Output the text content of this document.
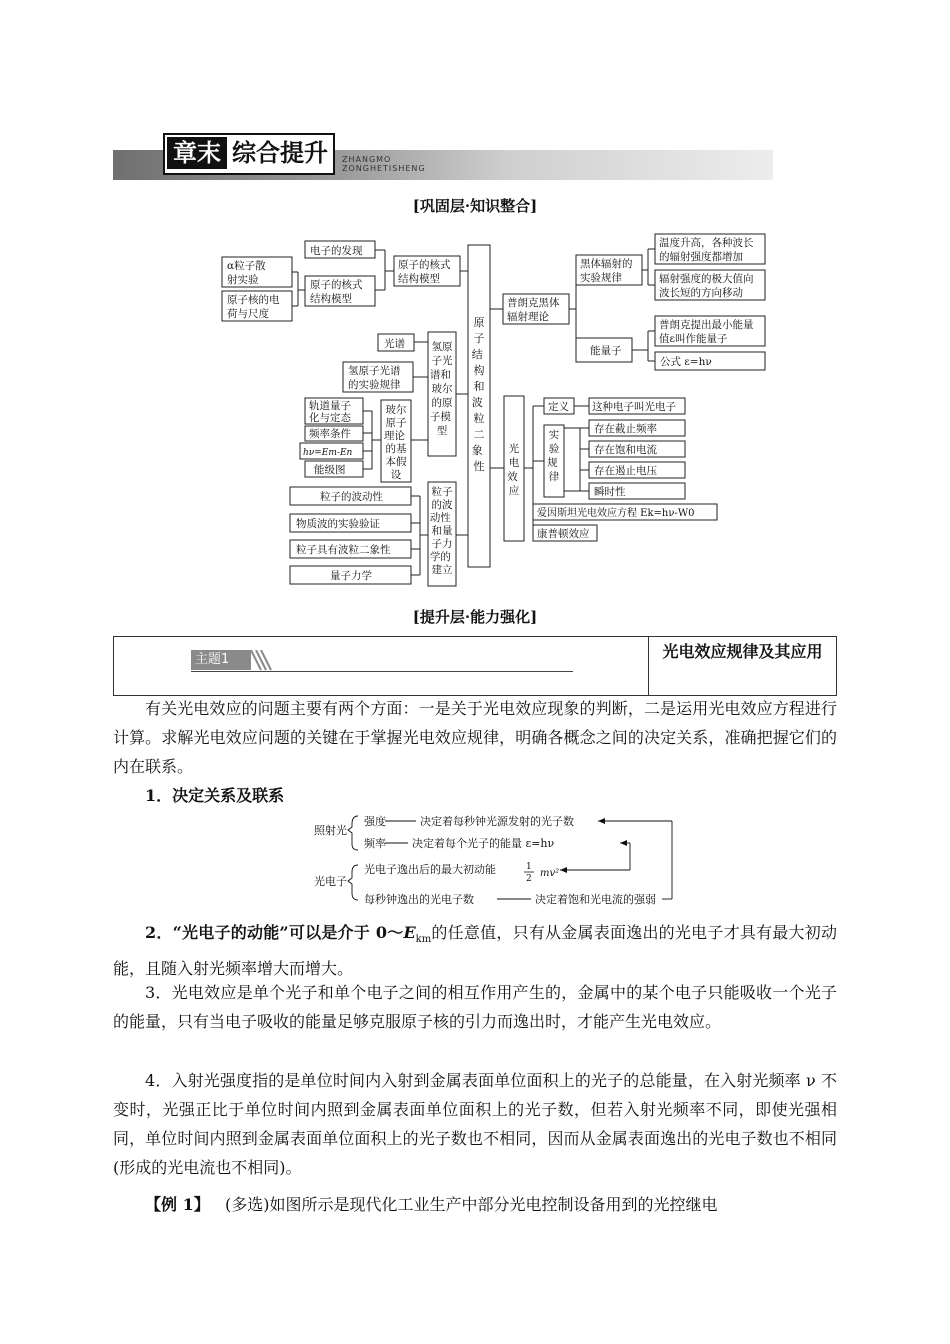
章末 综合提升 ZHANGMO
ZONGHETISHENG
[巩固层·知识整合]
原子结 构和波 粒二象 性
α粒子散
射实验
原子核的电
荷与尺度
电子的发现
原子的核式
结构模型
原子的核式
结构模型
光谱
氢原子光谱
的实验规律
氢原子光谱和 玻尔的原子模 型
轨道量子
化与定态
频率条件
hν=Em-En
能级图
玻尔原子理论 的基本假设
粒子的波动性
物质波的实验验证
粒子具有波粒二象性
量子力学
粒子的波动性 和量子力学的 建立
普朗克黑体
辐射理论
黑体辐射的
实验规律
温度升高，各种波长
的辐射强度都增加
辐射强度的极大值向
波长短的方向移动
能量子
普朗克提出最小能量
值ε叫作能量子
公式 ε=hν
光电效 应
定义 这种电子叫光电子
实验规 律
存在截止频率
存在饱和电流
存在遏止电压
瞬时性
爱因斯坦光电效应方程 Ek=hν-W0
康普顿效应
[提升层·能力强化]
主题1	光电效应规律及其应用
有关光电效应的问题主要有两个方面：一是关于光电效应现象的判断，二是运用光电效应方程进行计算。求解光电效应问题的关键在于掌握光电效应规律，明确各概念之间的决定关系，准确把握它们的内在联系。
1．决定关系及联系
照射光
强度	决定着每秒钟光源发射的光子数
频率 决定着每个光子的能量 ε=hν
光电子
光电子逸出后的最大初动能	1
2 mv²
每秒钟逸出的光电子数	决定着饱和光电流的强弱
2．“光电子的动能”可以是介于 $0\sim E_{km}$的任意值，只有从金属表面逸出的光电子才具有最大初动能，且随入射光频率增大而增大。
3．光电效应是单个光子和单个电子之间的相互作用产生的，金属中的某个电子只能吸收一个光子的能量，只有当电子吸收的能量足够克服原子核的引力而逸出时，才能产生光电效应。
4．入射光强度指的是单位时间内入射到金属表面单位面积上的光子的总能量，在入射光频率 ν 不变时，光强正比于单位时间内照到金属表面单位面积上的光子数，但若入射光频率不同，即使光强相同，单位时间内照到金属表面单位面积上的光子数也不相同，因而从金属表面逸出的光电子数也不相同(形成的光电流也不相同)。
【例 1】 (多选)如图所示是现代化工业生产中部分光电控制设备用到的光控继电
